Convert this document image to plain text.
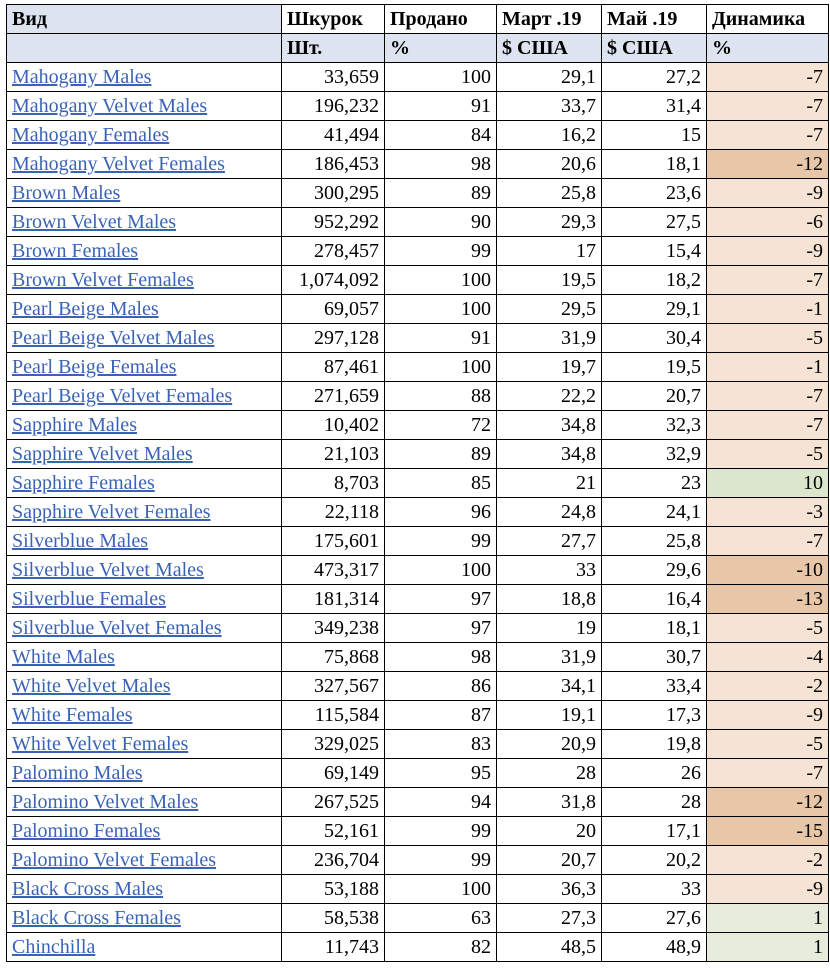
Вид	Шкурок	Продано	Март .19	Май .19	Динамика
	Шт.	%	$ США	$ США	%
Mahogany Males	33,659	100	29,1	27,2	-7
Mahogany Velvet Males	196,232	91	33,7	31,4	-7
Mahogany Females	41,494	84	16,2	15	-7
Mahogany Velvet Females	186,453	98	20,6	18,1	-12
Brown Males	300,295	89	25,8	23,6	-9
Brown Velvet Males	952,292	90	29,3	27,5	-6
Brown Females	278,457	99	17	15,4	-9
Brown Velvet Females	1,074,092	100	19,5	18,2	-7
Pearl Beige Males	69,057	100	29,5	29,1	-1
Pearl Beige Velvet Males	297,128	91	31,9	30,4	-5
Pearl Beige Females	87,461	100	19,7	19,5	-1
Pearl Beige Velvet Females	271,659	88	22,2	20,7	-7
Sapphire Males	10,402	72	34,8	32,3	-7
Sapphire Velvet Males	21,103	89	34,8	32,9	-5
Sapphire Females	8,703	85	21	23	10
Sapphire Velvet Females	22,118	96	24,8	24,1	-3
Silverblue Males	175,601	99	27,7	25,8	-7
Silverblue Velvet Males	473,317	100	33	29,6	-10
Silverblue Females	181,314	97	18,8	16,4	-13
Silverblue Velvet Females	349,238	97	19	18,1	-5
White Males	75,868	98	31,9	30,7	-4
White Velvet Males	327,567	86	34,1	33,4	-2
White Females	115,584	87	19,1	17,3	-9
White Velvet Females	329,025	83	20,9	19,8	-5
Palomino Males	69,149	95	28	26	-7
Palomino Velvet Males	267,525	94	31,8	28	-12
Palomino Females	52,161	99	20	17,1	-15
Palomino Velvet Females	236,704	99	20,7	20,2	-2
Black Cross Males	53,188	100	36,3	33	-9
Black Cross Females	58,538	63	27,3	27,6	1
Chinchilla	11,743	82	48,5	48,9	1
